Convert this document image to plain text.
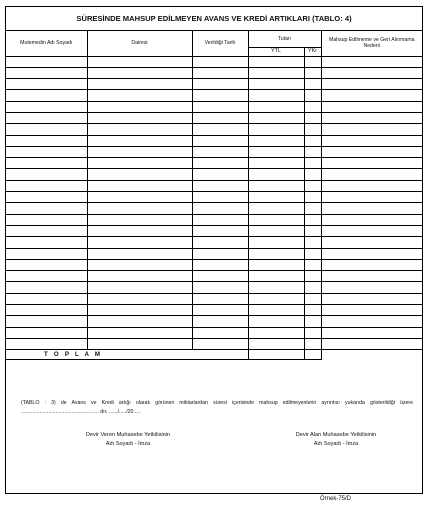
SÜRESİNDE MAHSUP EDİLMEYEN AVANS VE KREDİ ARTIKLARI (TABLO: 4)
Mutemedin Adı Soyadı	Dairesi	Verildiği Tarih	Tutarı		Mahsup Edilmeme ve Geri Alınmama Nedeni
			YTL	YKr	

T O P L A M					
(TABLO : 3) de Avans ve Kredi artığı olarak görünen miktarlardan süresi içerisinde mahsup edilmeyenlerin ayrıntısı yukarıda gösterildiği üzere ...................................................... dır. ....../...../20.....
Devir Veren Muhasebe Yetkilisinin
Adı Soyadı - İmza
Devir Alan Muhasebe Yetkilisinin
Adı Soyadı - İmza
Örnek-75/D
